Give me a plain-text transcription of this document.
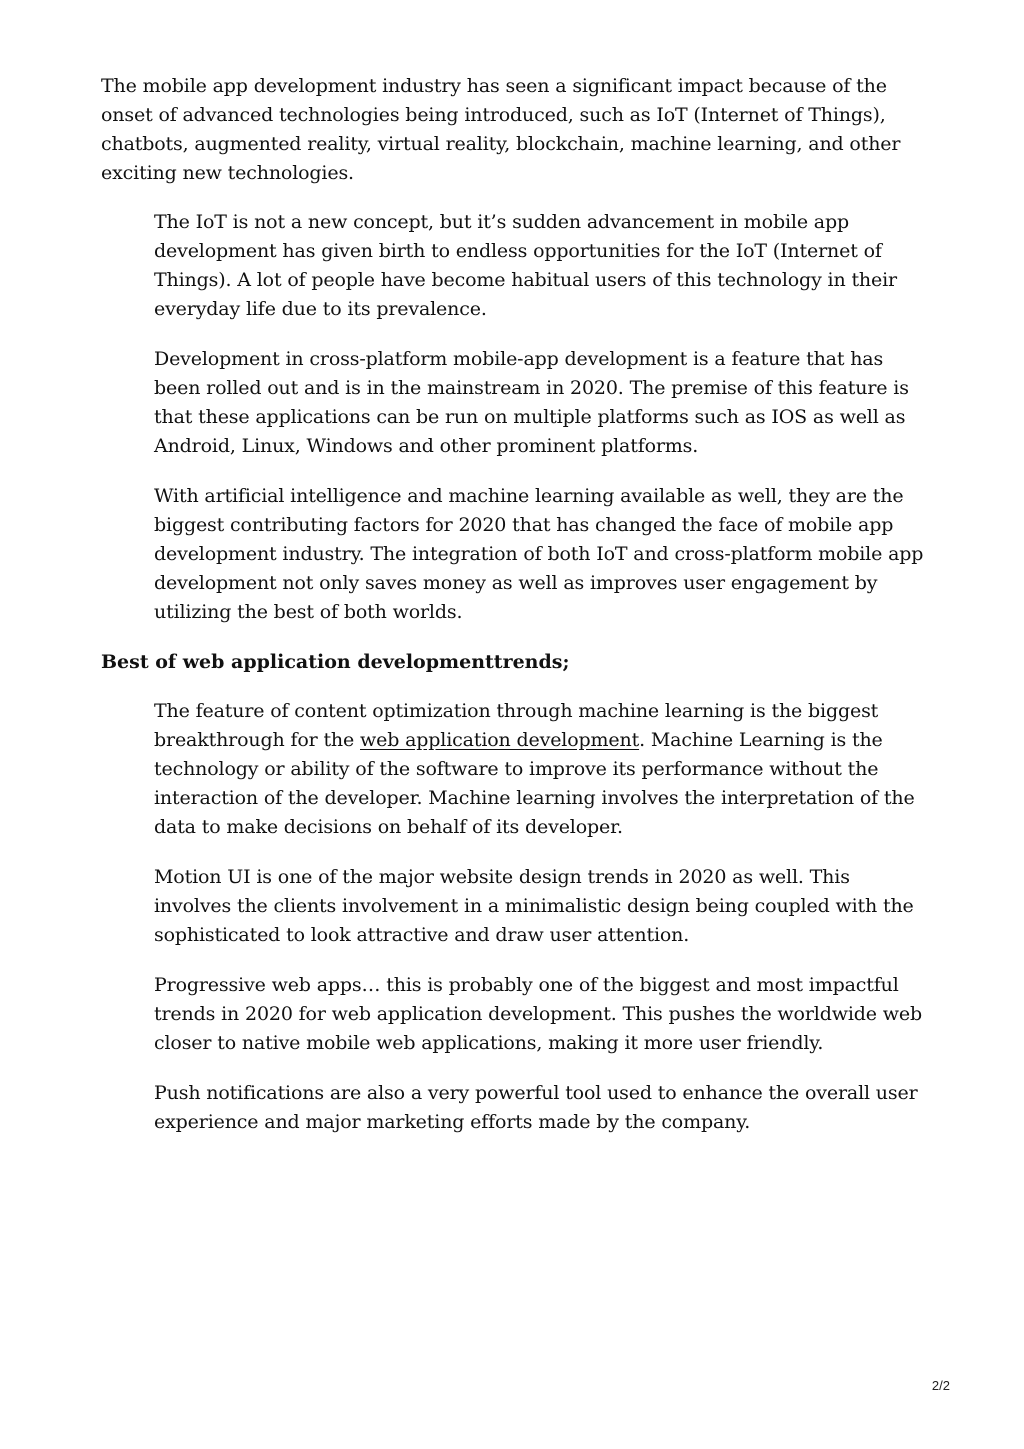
The mobile app development industry has seen a significant impact because of the onset of advanced technologies being introduced, such as IoT (Internet of Things), chatbots, augmented reality, virtual reality, blockchain, machine learning, and other exciting new technologies.

The IoT is not a new concept, but it’s sudden advancement in mobile app development has given birth to endless opportunities for the IoT (Internet of Things). A lot of people have become habitual users of this technology in their everyday life due to its prevalence.

Development in cross-platform mobile-app development is a feature that has been rolled out and is in the mainstream in 2020. The premise of this feature is that these applications can be run on multiple platforms such as IOS as well as Android, Linux, Windows and other prominent platforms.

With artificial intelligence and machine learning available as well, they are the biggest contributing factors for 2020 that has changed the face of mobile app development industry. The integration of both IoT and cross-platform mobile app development not only saves money as well as improves user engagement by utilizing the best of both worlds.

Best of web application developmenttrends;

The feature of content optimization through machine learning is the biggest breakthrough for the web application development. Machine Learning is the technology or ability of the software to improve its performance without the interaction of the developer. Machine learning involves the interpretation of the data to make decisions on behalf of its developer.

Motion UI is one of the major website design trends in 2020 as well. This involves the clients involvement in a minimalistic design being coupled with the sophisticated to look attractive and draw user attention.

Progressive web apps… this is probably one of the biggest and most impactful trends in 2020 for web application development. This pushes the worldwide web closer to native mobile web applications, making it more user friendly.

Push notifications are also a very powerful tool used to enhance the overall user experience and major marketing efforts made by the company.

2/2
